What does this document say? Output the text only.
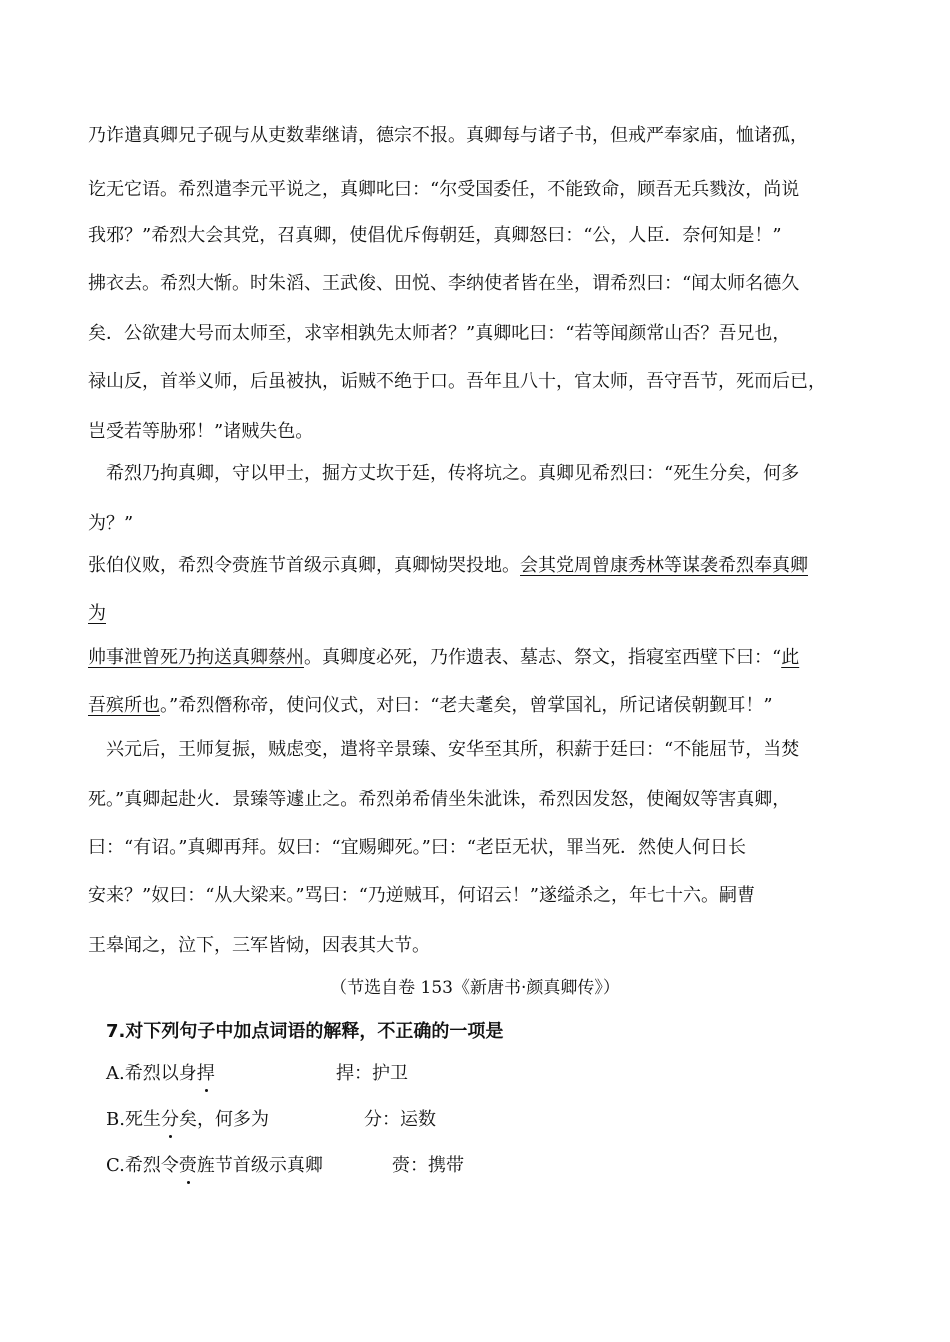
乃诈遣真卿兄子砚与从吏数辈继请，德宗不报。真卿每与诸子书，但戒严奉家庙，恤诸孤，
讫无它语。希烈遣李元平说之，真卿叱曰：“尔受国委任，不能致命，顾吾无兵戮汝，尚说
我邪？”希烈大会其党，召真卿，使倡优斥侮朝廷，真卿怒曰：“公，人臣．奈何知是！”
拂衣去。希烈大惭。时朱滔、王武俊、田悦、李纳使者皆在坐，谓希烈曰：“闻太师名德久
矣．公欲建大号而太师至，求宰相孰先太师者？”真卿叱曰：“若等闻颜常山否？吾兄也，
禄山反，首举义师，后虽被执，诟贼不绝于口。吾年且八十，官太师，吾守吾节，死而后已，
岂受若等胁邪！”诸贼失色。
希烈乃拘真卿，守以甲士，掘方丈坎于廷，传将坑之。真卿见希烈曰：“死生分矣，何多
为？”
张伯仪败，希烈令赍旌节首级示真卿，真卿恸哭投地。会其党周曾康秀林等谋袭希烈奉真卿
为
帅事泄曾死乃拘送真卿蔡州。真卿度必死，乃作遗表、墓志、祭文，指寝室西壁下曰：“此
吾殡所也。”希烈僭称帝，使问仪式，对曰：“老夫耄矣，曾掌国礼，所记诸侯朝觐耳！”
兴元后，王师复振，贼虑变，遣将辛景臻、安华至其所，积薪于廷曰：“不能屈节，当焚
死。”真卿起赴火．景臻等遽止之。希烈弟希倩坐朱泚诛，希烈因发怒，使阉奴等害真卿，
曰：“有诏。”真卿再拜。奴曰：“宜赐卿死。”曰：“老臣无状，罪当死．然使人何日长
安来？”奴曰：“从大梁来。”骂曰：“乃逆贼耳，何诏云！”遂缢杀之，年七十六。嗣曹
王皋闻之，泣下，三军皆恸，因表其大节。
（节选自卷 153《新唐书·颜真卿传》）
7.对下列句子中加点词语的解释，不正确的一项是
A.希烈以身捍	捍：护卫
B.死生分矣，何多为	分：运数
C.希烈令赍旌节首级示真卿	赍：携带
